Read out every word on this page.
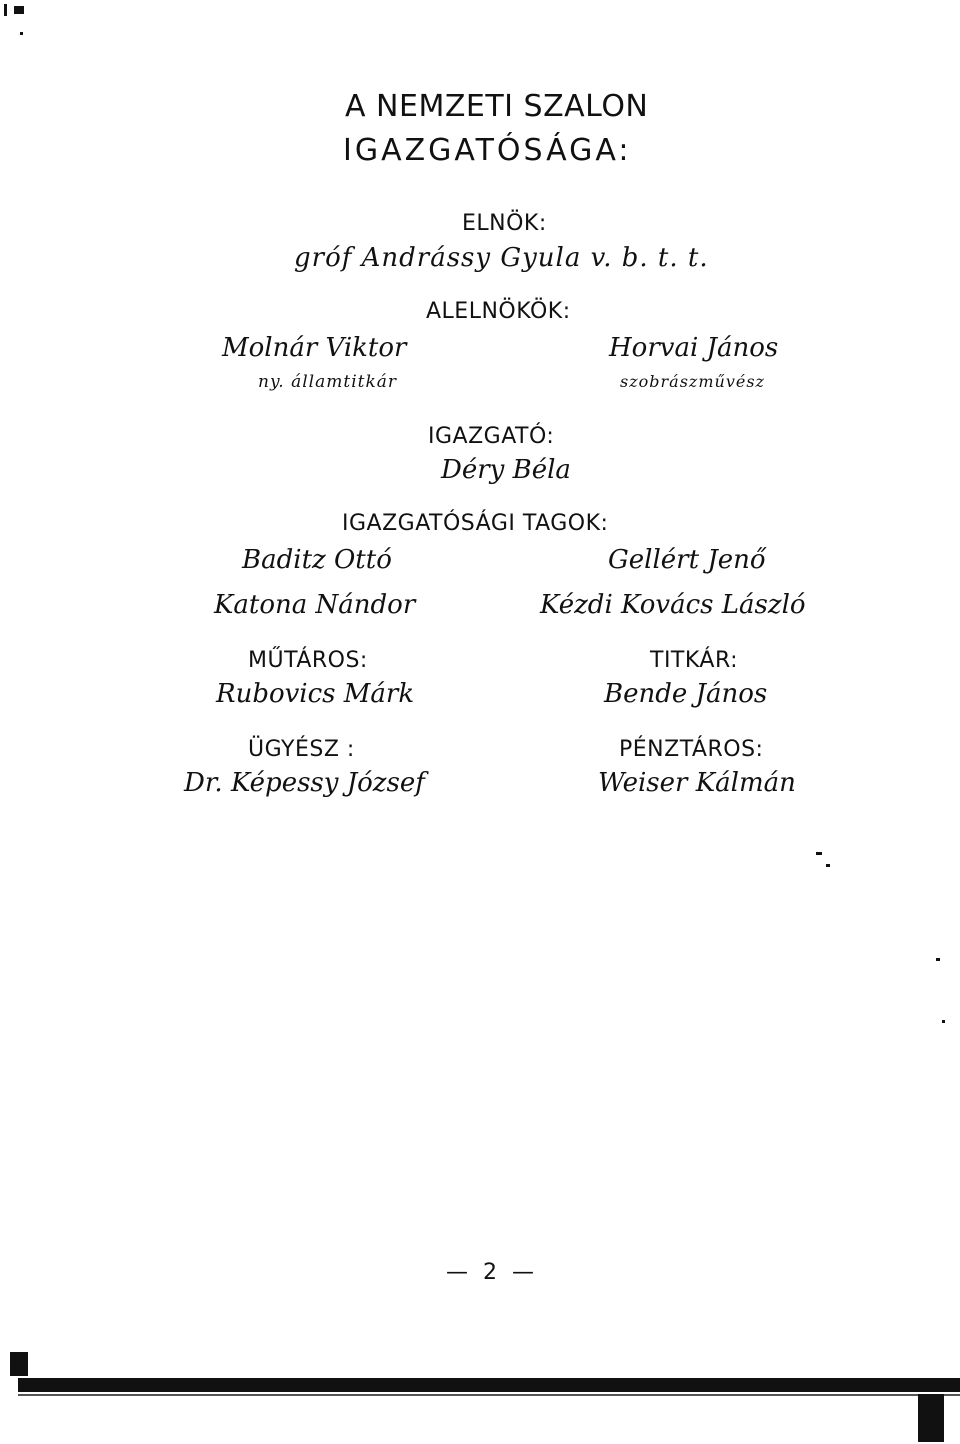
A NEMZETI SZALON
IGAZGATÓSÁGA:
ELNÖK:
gróf Andrássy Gyula v. b. t. t.
ALELNÖKÖK:
Molnár Viktor
ny. államtitkár
Horvai János
szobrászművész
IGAZGATÓ:
Déry Béla
IGAZGATÓSÁGI TAGOK:
Baditz Ottó	Gellért Jenő
Katona Nándor	Kézdi Kovács László
MŰTÁROS:
Rubovics Márk
TITKÁR:
Bende János
ÜGYÉSZ :
Dr. Képessy József
PÉNZTÁROS:
Weiser Kálmán
— 2 —
